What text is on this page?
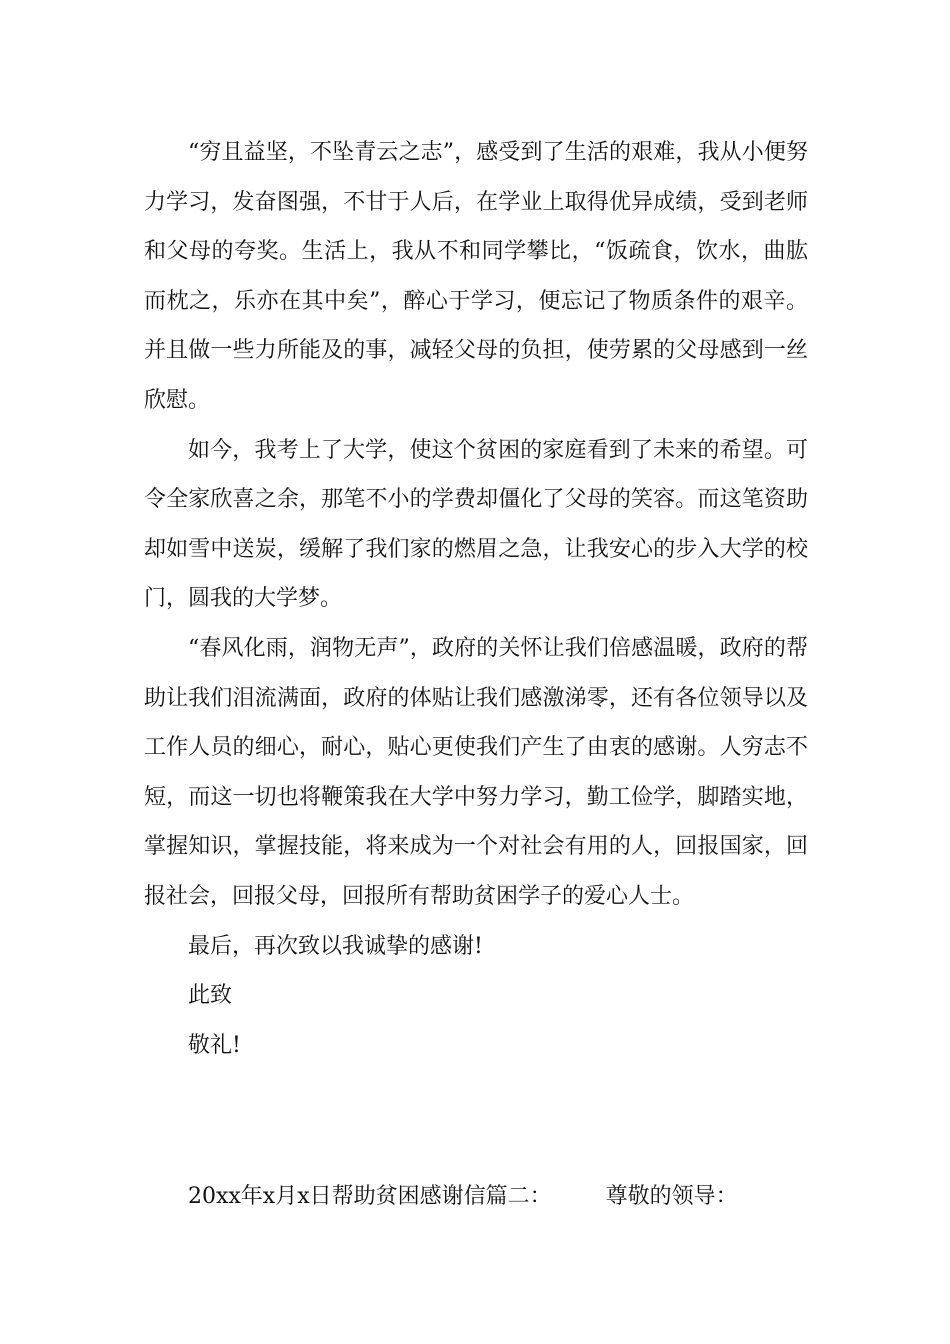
“穷且益坚，不坠青云之志”，感受到了生活的艰难，我从小便努力学习，发奋图强，不甘于人后，在学业上取得优异成绩，受到老师和父母的夸奖。生活上，我从不和同学攀比，“饭疏食，饮水，曲肱而枕之，乐亦在其中矣”，醉心于学习，便忘记了物质条件的艰辛。并且做一些力所能及的事，减轻父母的负担，使劳累的父母感到一丝欣慰。

如今，我考上了大学，使这个贫困的家庭看到了未来的希望。可令全家欣喜之余，那笔不小的学费却僵化了父母的笑容。而这笔资助却如雪中送炭，缓解了我们家的燃眉之急，让我安心的步入大学的校门，圆我的大学梦。

“春风化雨，润物无声”，政府的关怀让我们倍感温暖，政府的帮助让我们泪流满面，政府的体贴让我们感激涕零，还有各位领导以及工作人员的细心，耐心，贴心更使我们产生了由衷的感谢。人穷志不短，而这一切也将鞭策我在大学中努力学习，勤工俭学，脚踏实地，掌握知识，掌握技能，将来成为一个对社会有用的人，回报国家，回报社会，回报父母，回报所有帮助贫困学子的爱心人士。

最后，再次致以我诚挚的感谢!

此致

敬礼!

20xx年x月x日帮助贫困感谢信篇二： 尊敬的领导：
